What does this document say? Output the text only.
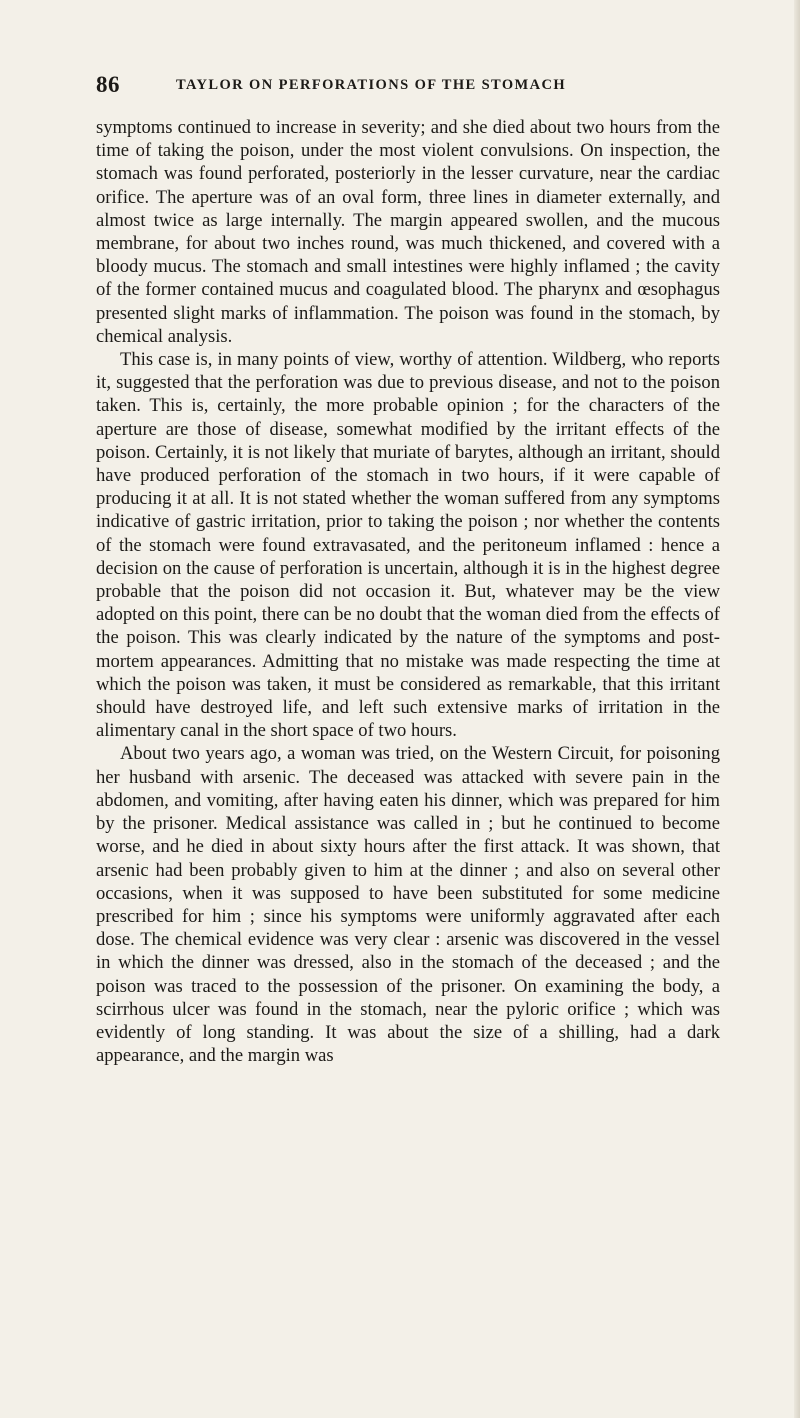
86	TAYLOR ON PERFORATIONS OF THE STOMACH

symptoms continued to increase in severity; and she died about two hours from the time of taking the poison, under the most violent convulsions. On inspection, the stomach was found perforated, posteriorly in the lesser curvature, near the cardiac orifice. The aperture was of an oval form, three lines in diameter externally, and almost twice as large internally. The margin appeared swollen, and the mucous membrane, for about two inches round, was much thickened, and covered with a bloody mucus. The stomach and small intestines were highly inflamed ; the cavity of the former contained mucus and coagulated blood. The pharynx and œsophagus presented slight marks of inflammation. The poison was found in the stomach, by chemical analysis.

This case is, in many points of view, worthy of attention. Wildberg, who reports it, suggested that the perforation was due to previous disease, and not to the poison taken. This is, certainly, the more probable opinion ; for the characters of the aperture are those of disease, somewhat modified by the irritant effects of the poison. Certainly, it is not likely that muriate of barytes, although an irritant, should have produced perforation of the stomach in two hours, if it were capable of producing it at all. It is not stated whether the woman suffered from any symptoms indicative of gastric irritation, prior to taking the poison ; nor whether the contents of the stomach were found extravasated, and the peritoneum inflamed : hence a decision on the cause of perforation is uncertain, although it is in the highest degree probable that the poison did not occasion it. But, whatever may be the view adopted on this point, there can be no doubt that the woman died from the effects of the poison. This was clearly indicated by the nature of the symptoms and post-mortem appearances. Admitting that no mistake was made respecting the time at which the poison was taken, it must be considered as remarkable, that this irritant should have destroyed life, and left such extensive marks of irritation in the alimentary canal in the short space of two hours.

About two years ago, a woman was tried, on the Western Circuit, for poisoning her husband with arsenic. The deceased was attacked with severe pain in the abdomen, and vomiting, after having eaten his dinner, which was prepared for him by the prisoner. Medical assistance was called in ; but he continued to become worse, and he died in about sixty hours after the first attack. It was shown, that arsenic had been probably given to him at the dinner ; and also on several other occasions, when it was supposed to have been substituted for some medicine prescribed for him ; since his symptoms were uniformly aggravated after each dose. The chemical evidence was very clear : arsenic was discovered in the vessel in which the dinner was dressed, also in the stomach of the deceased ; and the poison was traced to the possession of the prisoner. On examining the body, a scirrhous ulcer was found in the stomach, near the pyloric orifice ; which was evidently of long standing. It was about the size of a shilling, had a dark appearance, and the margin was
